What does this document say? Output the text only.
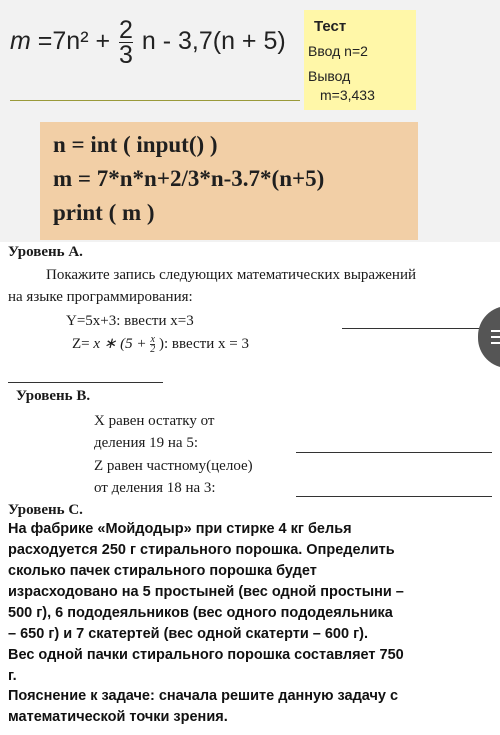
$m =7n^2 + \frac{2}{3}$ n - 3,7(n + 5)
Тест
Ввод n=2
Вывод
m=3,433
n = int ( input() )
m = 7*n*n+2/3*n-3.7*(n+5)
print ( m )
Уровень А.
Покажите запись следующих математических выражений
на языке программирования:
Y=5x+3: ввести x=3
Z= x ∗ ($5 + \frac{x}{2}$ ): ввести x = 3
Уровень В.
X равен остатку от
деления 19 на 5:
Z равен частному(целое)
от деления 18 на 3:
Уровень С.
На фабрике «Мойдодыр» при стирке 4 кг белья
расходуется 250 г стирального порошка. Определить
сколько пачек стирального порошка будет
израсходовано на 5 простыней (вес одной простыни –
500 г), 6 пододеяльников (вес одного пододеяльника
– 650 г) и 7 скатертей (вес одной скатерти – 600 г).
Вес одной пачки стирального порошка составляет 750
г.
Пояснение к задаче: сначала решите данную задачу с
математической точки зрения.
